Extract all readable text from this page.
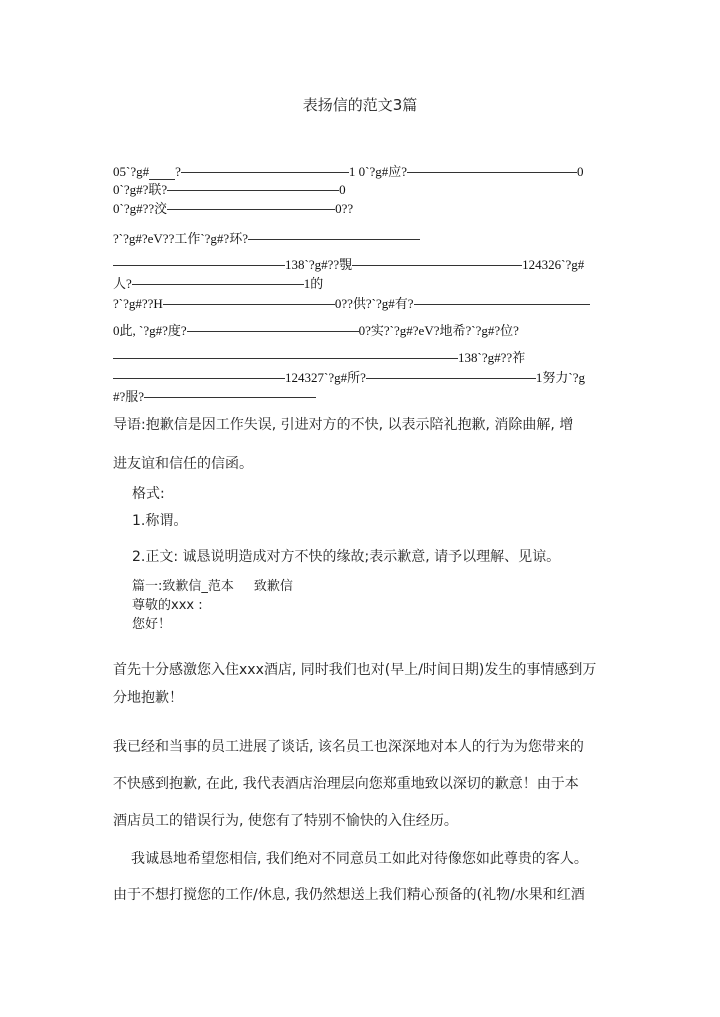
表扬信的范文3篇
05`?g# ?	1 0`?g#应?	0
0`?g#?联?	0
0`?g#??洨	0??
?`?g#?eV??工作`?g#?环?
138`?g#??覨	124326`?g#
人?	1的
?`?g#??H	0??供?`?g#有?
0此, `?g#?度?	0?实?`?g#?eV?地希?`?g#?位?
138`?g#??祚
124327`?g#所?	1努力`?g
#?服?
导语:抱歉信是因工作失误, 引进对方的不快, 以表示陪礼抱歉, 消除曲解, 增
进友谊和信任的信函。
格式:
1.称谓。
2.正文: 诚恳说明造成对方不快的缘故;表示歉意, 请予以理解、见谅。
篇一:致歉信_范本 致歉信
尊敬的xxx :
您好！
首先十分感激您入住xxx酒店, 同时我们也对(早上/时间日期)发生的事情感到万
分地抱歉！
我已经和当事的员工进展了谈话, 该名员工也深深地对本人的行为为您带来的
不快感到抱歉, 在此, 我代表酒店治理层向您郑重地致以深切的歉意！由于本
酒店员工的错误行为, 使您有了特别不愉快的入住经历。
我诚恳地希望您相信, 我们绝对不同意员工如此对待像您如此尊贵的客人。
由于不想打搅您的工作/休息, 我仍然想送上我们精心预备的(礼物/水果和红酒
